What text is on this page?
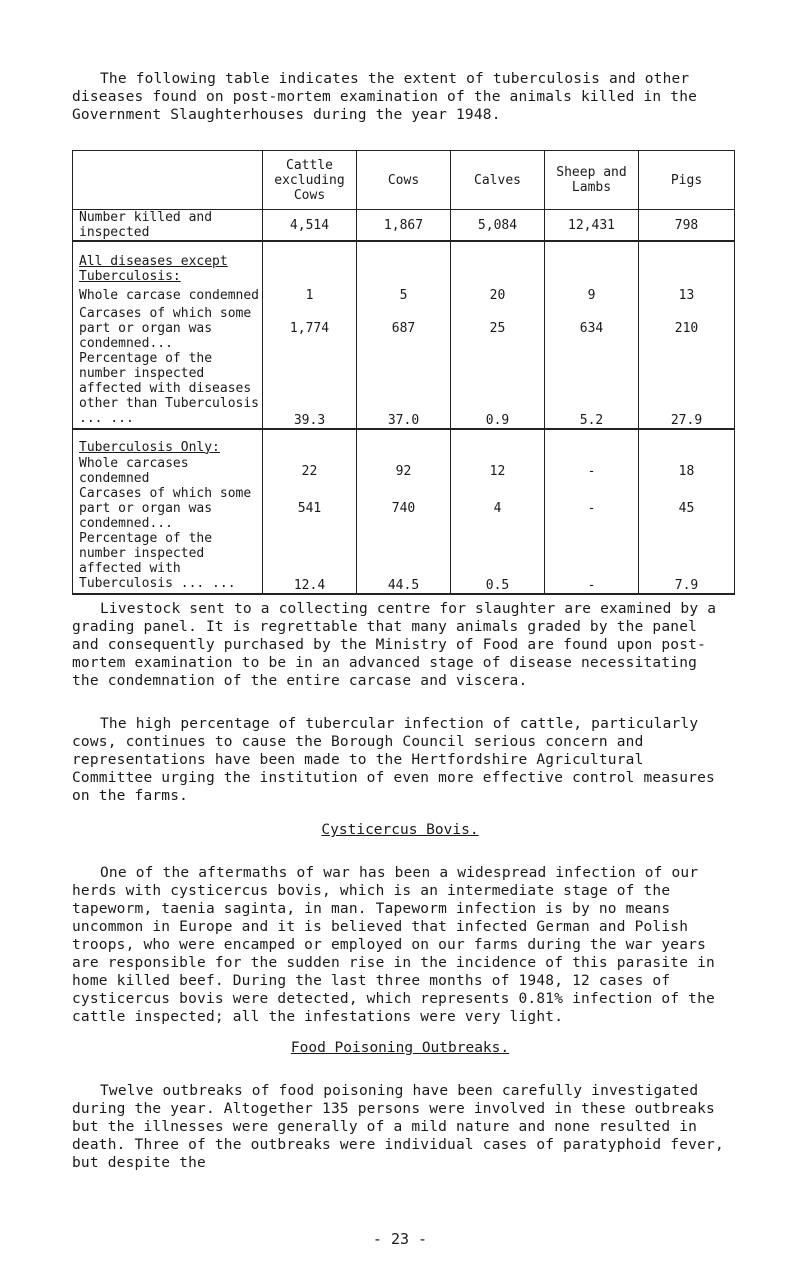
The following table indicates the extent of tuberculosis and other diseases found on post-mortem examination of the animals killed in the Government Slaughterhouses during the year 1948.

	Cattle excluding Cows	Cows	Calves	Sheep and Lambs	Pigs
Number killed and inspected	4,514	1,867	5,084	12,431	798
All diseases except Tuberculosis:					
Whole carcase condemned	1	5	20	9	13
Carcases of which some part or organ was condemned...	1,774	687	25	634	210
Percentage of the number inspected affected with diseases other than Tuberculosis ... ...	39.3	37.0	0.9	5.2	27.9
Tuberculosis Only:					
Whole carcases condemned	22	92	12	-	18
Carcases of which some part or organ was condemned...	541	740	4	-	45
Percentage of the number inspected affected with Tuberculosis ... ...	12.4	44.5	0.5	-	7.9

Livestock sent to a collecting centre for slaughter are examined by a grading panel. It is regrettable that many animals graded by the panel and consequently purchased by the Ministry of Food are found upon post-mortem examination to be in an advanced stage of disease necessitating the condemnation of the entire carcase and viscera.

The high percentage of tubercular infection of cattle, particularly cows, continues to cause the Borough Council serious concern and representations have been made to the Hertfordshire Agricultural Committee urging the institution of even more effective control measures on the farms.

Cysticercus Bovis.

One of the aftermaths of war has been a widespread infection of our herds with cysticercus bovis, which is an intermediate stage of the tapeworm, taenia saginta, in man. Tapeworm infection is by no means uncommon in Europe and it is believed that infected German and Polish troops, who were encamped or employed on our farms during the war years are responsible for the sudden rise in the incidence of this parasite in home killed beef. During the last three months of 1948, 12 cases of cysticercus bovis were detected, which represents 0.81% infection of the cattle inspected; all the infestations were very light.

Food Poisoning Outbreaks.

Twelve outbreaks of food poisoning have been carefully investigated during the year. Altogether 135 persons were involved in these outbreaks but the illnesses were generally of a mild nature and none resulted in death. Three of the outbreaks were individual cases of paratyphoid fever, but despite the

- 23 -
